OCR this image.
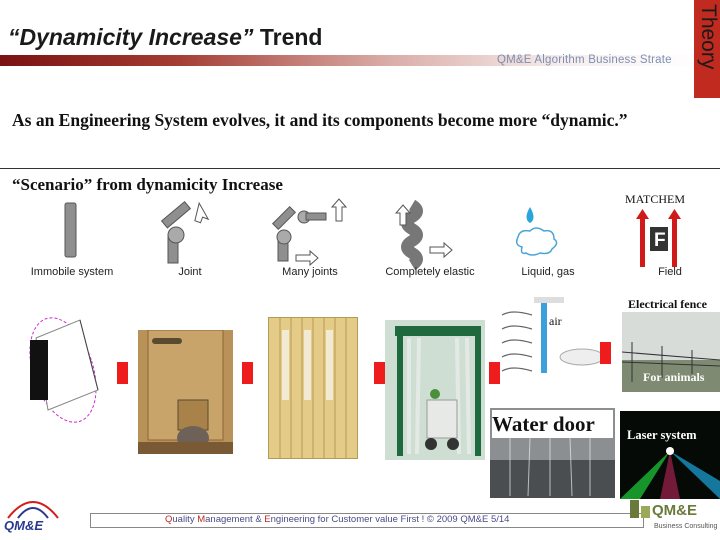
“Dynamicity Increase” Trend
QM&E Algorithm Business Strate Theory
As an Engineering System evolves, it and its components become more “dynamic.”
“Scenario” from dynamicity Increase
F
MATCHEM
Immobile system	Joint	Many joints	Completely elastic	Liquid, gas	Field
air
Electrical fence
For animals
Water door	Laser system
Quality Management & Engineering for Customer value First ! © 2009 QM&E 5/14
QM&E
QM&E
Business Consulting
